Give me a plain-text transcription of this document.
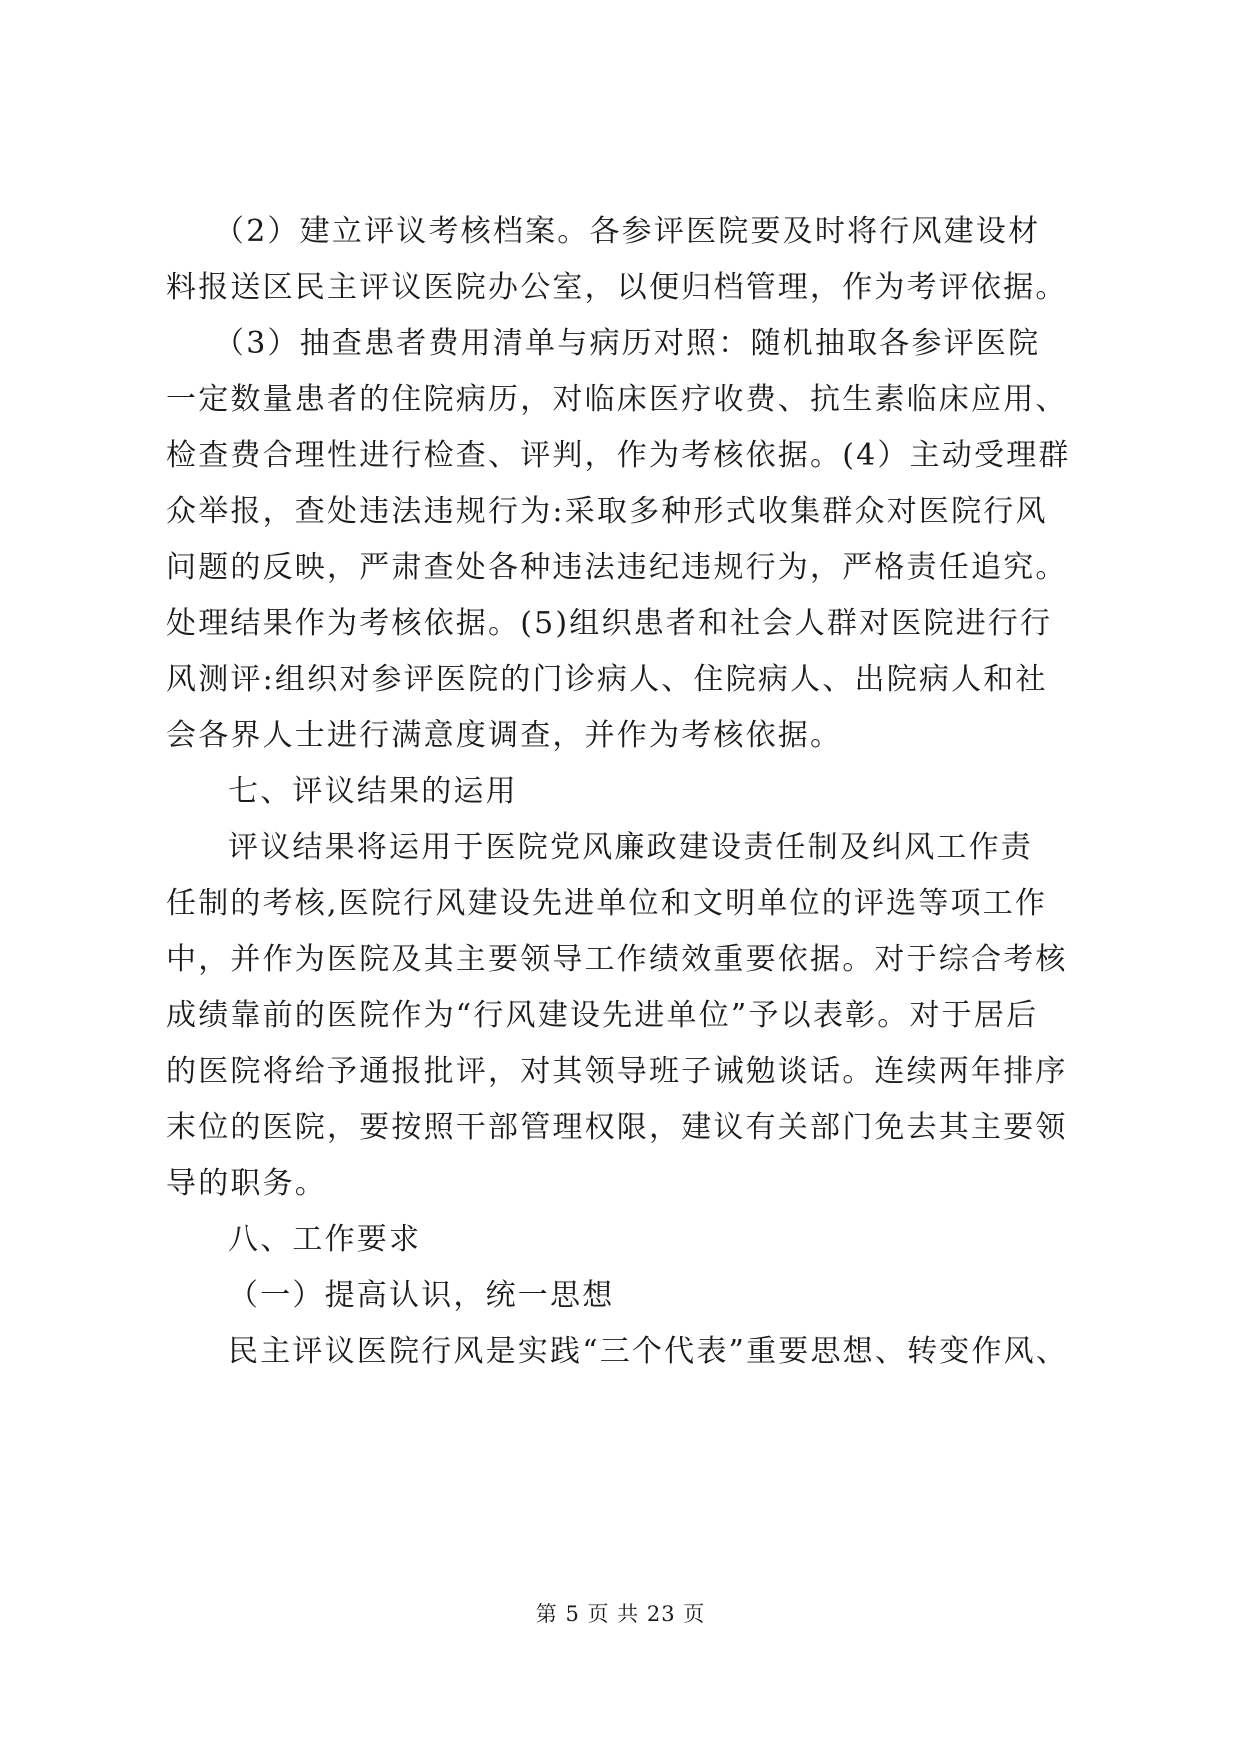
（2）建立评议考核档案。各参评医院要及时将行风建设材
料报送区民主评议医院办公室，以便归档管理，作为考评依据。
（3）抽查患者费用清单与病历对照：随机抽取各参评医院
一定数量患者的住院病历，对临床医疗收费、抗生素临床应用、
检查费合理性进行检查、评判，作为考核依据。(4）主动受理群
众举报，查处违法违规行为:采取多种形式收集群众对医院行风
问题的反映，严肃查处各种违法违纪违规行为，严格责任追究。
处理结果作为考核依据。(5)组织患者和社会人群对医院进行行
风测评:组织对参评医院的门诊病人、住院病人、出院病人和社
会各界人士进行满意度调查，并作为考核依据。
七、评议结果的运用
评议结果将运用于医院党风廉政建设责任制及纠风工作责
任制的考核,医院行风建设先进单位和文明单位的评选等项工作
中，并作为医院及其主要领导工作绩效重要依据。对于综合考核
成绩靠前的医院作为“行风建设先进单位”予以表彰。对于居后
的医院将给予通报批评，对其领导班子诫勉谈话。连续两年排序
末位的医院，要按照干部管理权限，建议有关部门免去其主要领
导的职务。
八、工作要求
（一）提高认识，统一思想
民主评议医院行风是实践“三个代表”重要思想、转变作风、
第 5 页 共 23 页
